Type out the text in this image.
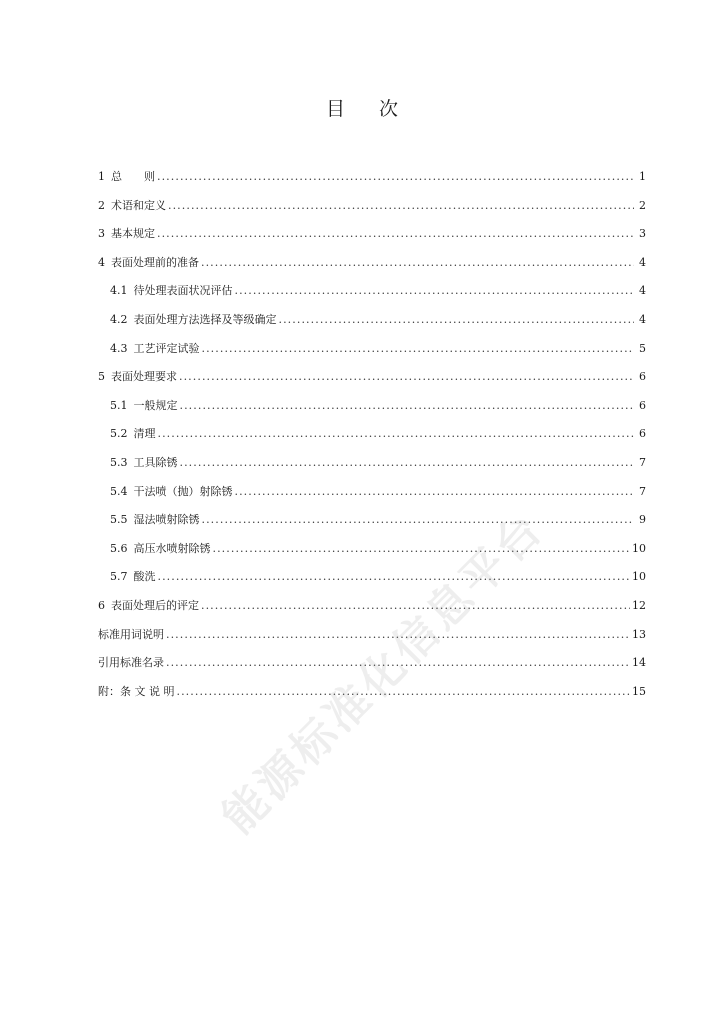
目 次
1 总　　则 . . .	1
2 术语和定义 . . .	2
3 基本规定 . . .	3
4 表面处理前的准备 . . .	4
4.1 待处理表面状况评估 . . .	4
4.2 表面处理方法选择及等级确定 . . .	4
4.3 工艺评定试验 . . .	5
5 表面处理要求 . . .	6
5.1 一般规定 . . .	6
5.2 清理 . . .	6
5.3 工具除锈 . . .	7
5.4 干法喷（抛）射除锈 . . .	7
5.5 湿法喷射除锈 . . .	9
5.6 高压水喷射除锈 . . .	10
5.7 酸洗 . . .	10
6 表面处理后的评定 . . .	12
标准用词说明 . . .	13
引用标准名录 . . .	14
附：条 文 说 明 . . .	15
能源标准化信息平台
